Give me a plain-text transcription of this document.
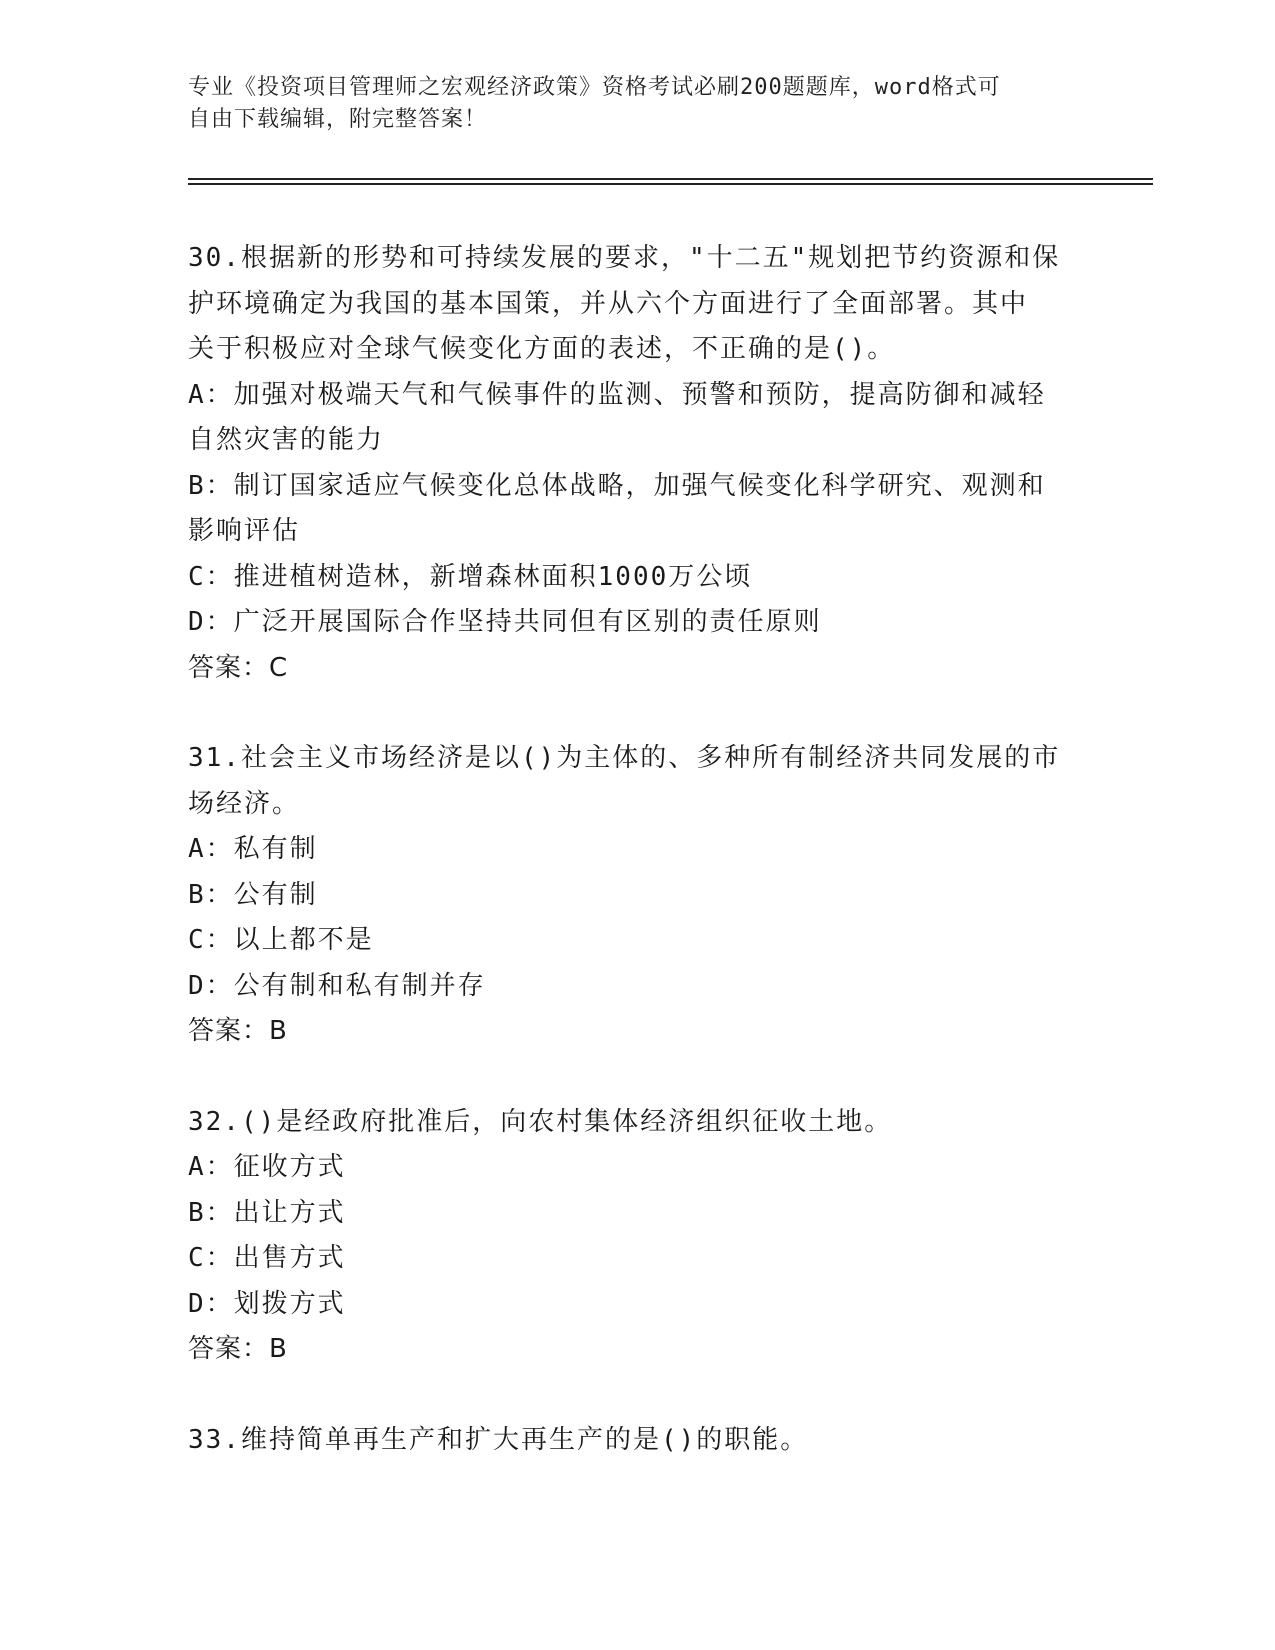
专业《投资项目管理师之宏观经济政策》资格考试必刷200题题库，word格式可
自由下载编辑，附完整答案！

30.根据新的形势和可持续发展的要求，"十二五"规划把节约资源和保

护环境确定为我国的基本国策，并从六个方面进行了全面部署。其中

关于积极应对全球气候变化方面的表述，不正确的是()。

A：加强对极端天气和气候事件的监测、预警和预防，提高防御和减轻

自然灾害的能力

B：制订国家适应气候变化总体战略，加强气候变化科学研究、观测和

影响评估

C：推进植树造林，新增森林面积1000万公顷

D：广泛开展国际合作坚持共同但有区别的责任原则

答案：C

31.社会主义市场经济是以()为主体的、多种所有制经济共同发展的市

场经济。

A：私有制

B：公有制

C：以上都不是

D：公有制和私有制并存

答案：B

32.()是经政府批准后，向农村集体经济组织征收土地。

A：征收方式

B：出让方式

C：出售方式

D：划拨方式

答案：B

33.维持简单再生产和扩大再生产的是()的职能。
